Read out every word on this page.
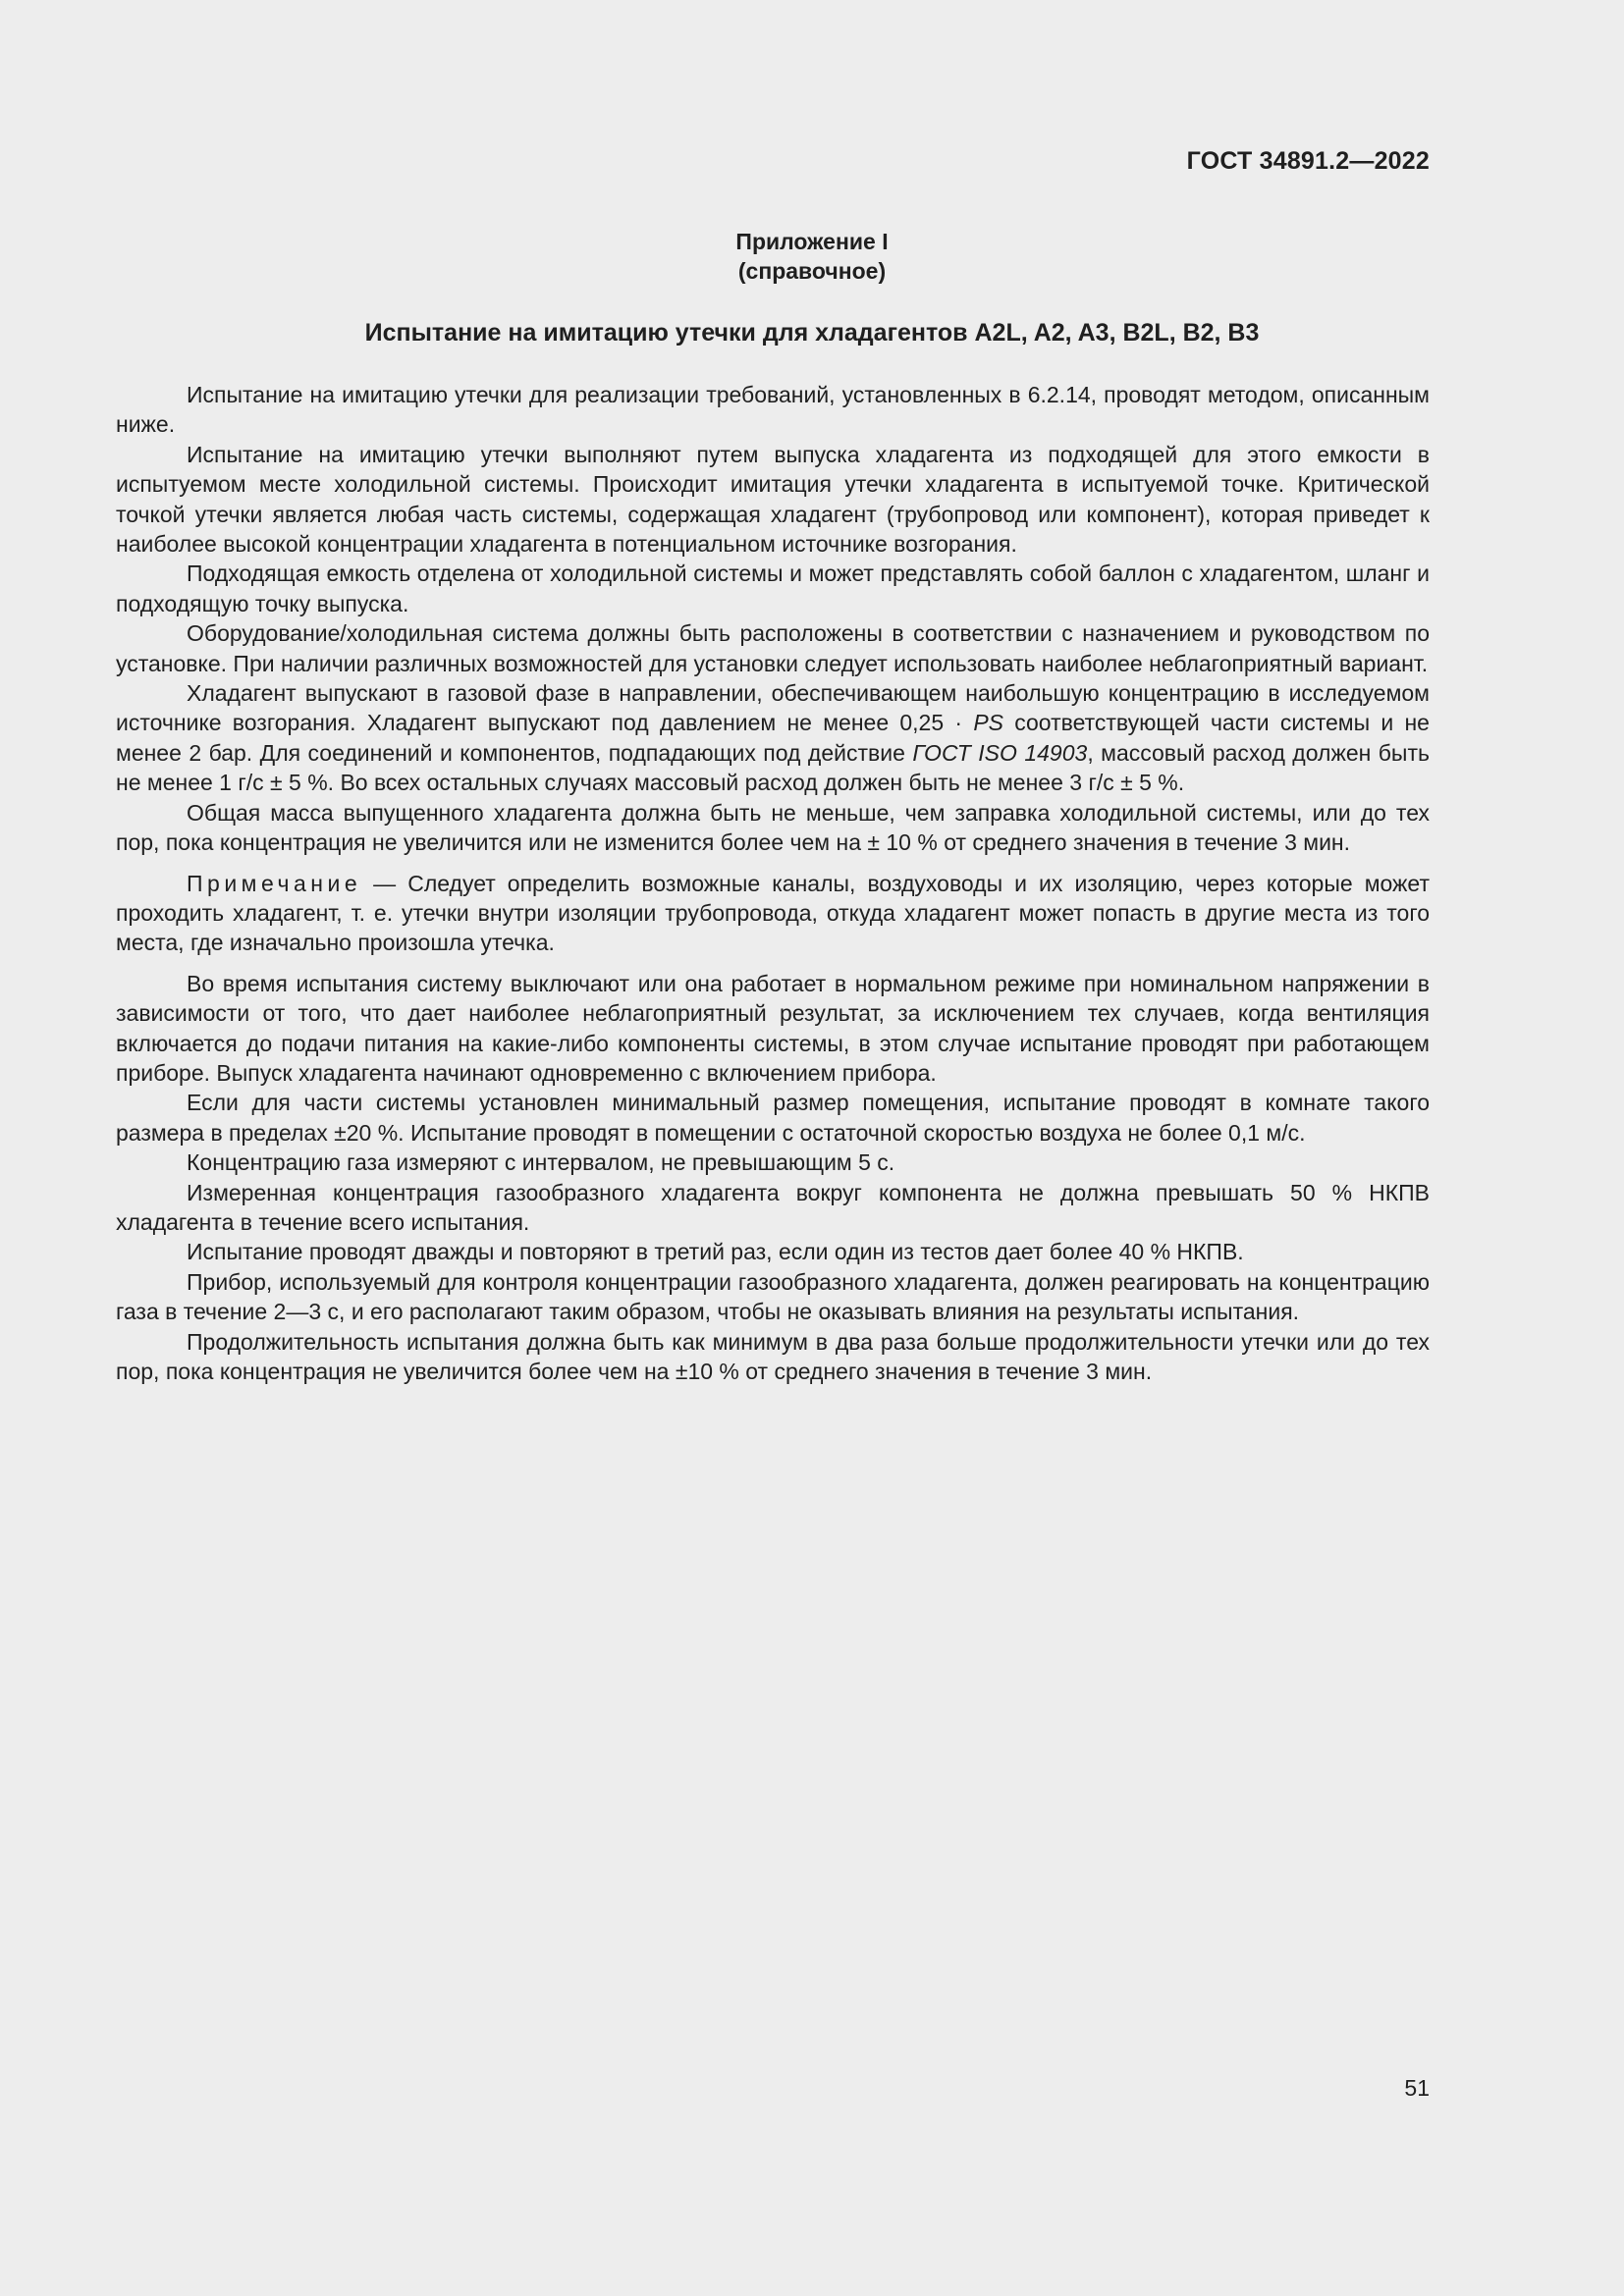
ГОСТ 34891.2—2022
Приложение I
(справочное)
Испытание на имитацию утечки для хладагентов A2L, A2, A3, B2L, B2, B3

Испытание на имитацию утечки для реализации требований, установленных в 6.2.14, проводят методом, описанным ниже.

Испытание на имитацию утечки выполняют путем выпуска хладагента из подходящей для этого емкости в испытуемом месте холодильной системы. Происходит имитация утечки хладагента в испытуемой точке. Критической точкой утечки является любая часть системы, содержащая хладагент (трубопровод или компонент), которая приведет к наиболее высокой концентрации хладагента в потенциальном источнике возгорания.

Подходящая емкость отделена от холодильной системы и может представлять собой баллон с хладагентом, шланг и подходящую точку выпуска.

Оборудование/холодильная система должны быть расположены в соответствии с назначением и руководством по установке. При наличии различных возможностей для установки следует использовать наиболее неблагоприятный вариант.

Хладагент выпускают в газовой фазе в направлении, обеспечивающем наибольшую концентрацию в исследуемом источнике возгорания. Хладагент выпускают под давлением не менее 0,25 · PS соответствующей части системы и не менее 2 бар. Для соединений и компонентов, подпадающих под действие ГОСТ ISO 14903, массовый расход должен быть не менее 1 г/с ± 5 %. Во всех остальных случаях массовый расход должен быть не менее 3 г/с ± 5 %.

Общая масса выпущенного хладагента должна быть не меньше, чем заправка холодильной системы, или до тех пор, пока концентрация не увеличится или не изменится более чем на ± 10 % от среднего значения в течение 3 мин.

Примечание — Следует определить возможные каналы, воздуховоды и их изоляцию, через которые может проходить хладагент, т. е. утечки внутри изоляции трубопровода, откуда хладагент может попасть в другие места из того места, где изначально произошла утечка.

Во время испытания систему выключают или она работает в нормальном режиме при номинальном напряжении в зависимости от того, что дает наиболее неблагоприятный результат, за исключением тех случаев, когда вентиляция включается до подачи питания на какие-либо компоненты системы, в этом случае испытание проводят при работающем приборе. Выпуск хладагента начинают одновременно с включением прибора.

Если для части системы установлен минимальный размер помещения, испытание проводят в комнате такого размера в пределах ±20 %. Испытание проводят в помещении с остаточной скоростью воздуха не более 0,1 м/с.

Концентрацию газа измеряют с интервалом, не превышающим 5 с.

Измеренная концентрация газообразного хладагента вокруг компонента не должна превышать 50 % НКПВ хладагента в течение всего испытания.

Испытание проводят дважды и повторяют в третий раз, если один из тестов дает более 40 % НКПВ.

Прибор, используемый для контроля концентрации газообразного хладагента, должен реагировать на концентрацию газа в течение 2—3 с, и его располагают таким образом, чтобы не оказывать влияния на результаты испытания.

Продолжительность испытания должна быть как минимум в два раза больше продолжительности утечки или до тех пор, пока концентрация не увеличится более чем на ±10 % от среднего значения в течение 3 мин.

51
